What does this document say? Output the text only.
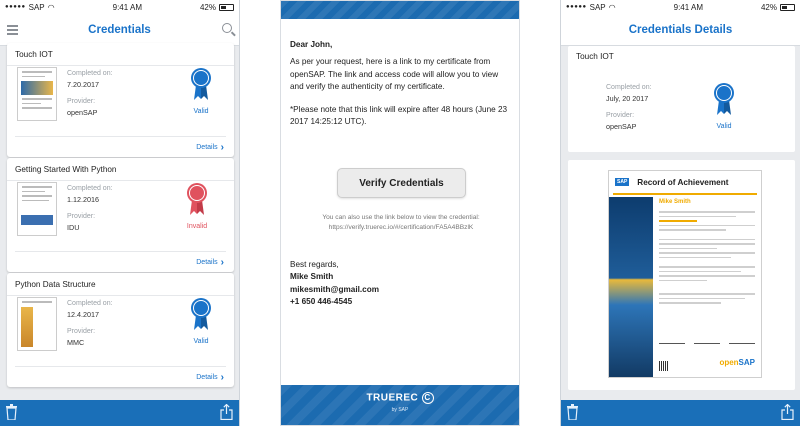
●●●●● SAP ◠	9:41 AM	42%
Credentials
Touch IOT
Completed on:
7.20.2017
Provider:
openSAP	Valid
Details ›
Getting Started With Python
Completed on:
1.12.2016
Provider:
IDU	Invalid
Details ›
Python Data Structure
Completed on:
12.4.2017
Provider:
MMC	Valid
Details ›
Dear John,

As per your request, here is a link to my certificate from openSAP. The link and access code will allow you to view and verify the authenticity of my certificate.

*Please note that this link will expire after 48 hours (June 23 2017 14:25:12 UTC).

Verify Credentials
You can also use the link below to view the credential: https://verify.truerec.io/#/certification/FA5A4BBzlK
Best regards,
Mike Smith
mikesmith@gmail.com
+1 650 446-4545
TRUEREC C
by SAP
●●●●● SAP ◠	9:41 AM	42%
Credentials Details
Touch IOT
Completed on:
July, 20 2017
Provider:
openSAP	Valid
SAP Record of Achievement
Mike Smith
openSAP
